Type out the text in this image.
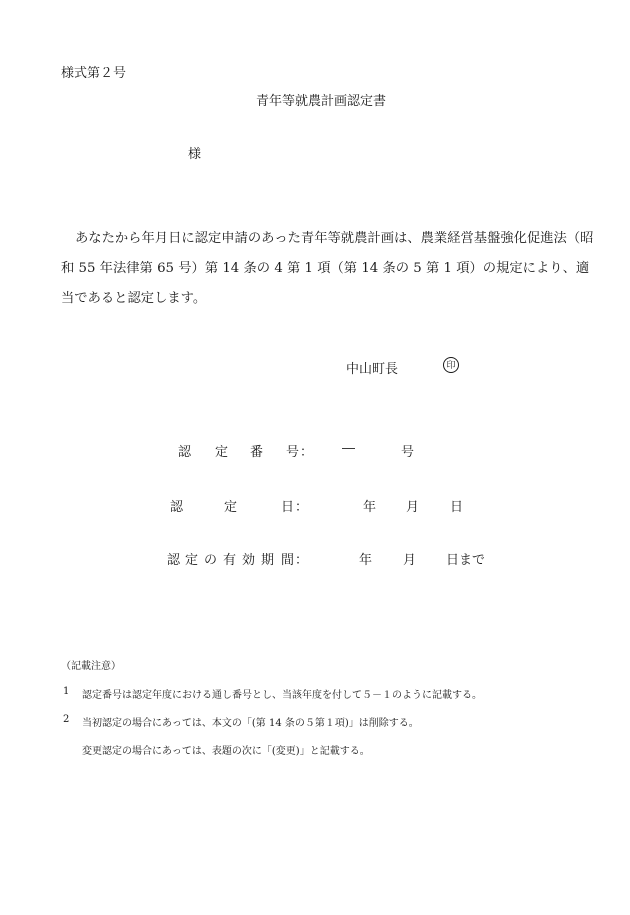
様式第２号
青年等就農計画認定書
様
あなたから年月日に認定申請のあった青年等就農計画は、農業経営基盤強化促進法（昭和 55 年法律第 65 号）第 14 条の 4 第 1 項（第 14 条の 5 第 1 項）の規定により、適当であると認定します。
中山町長	印
認 定 番 号 ： ―	号
認	定	日 ：	年 月 日
認 定 の 有 効 期 間 ：	年 月 日まで
（記載注意）
1 認定番号は認定年度における通し番号とし、当該年度を付して５－１のように記載する。
2 当初認定の場合にあっては、本文の「(第 14 条の５第１項)」は削除する。
変更認定の場合にあっては、表題の次に「(変更)」と記載する。
